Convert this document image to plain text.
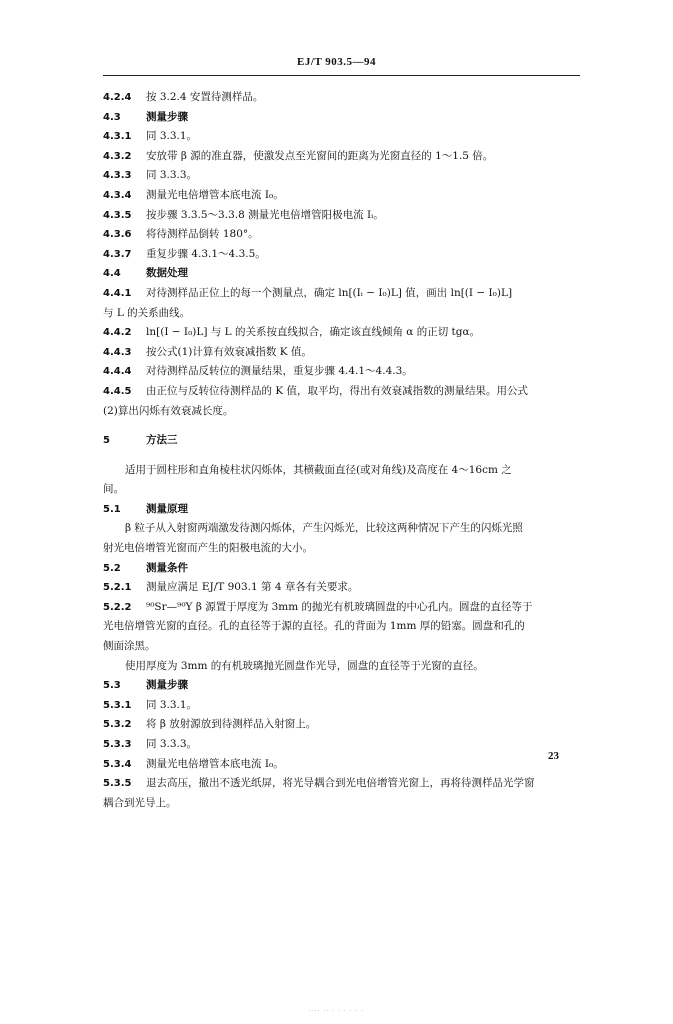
EJ/T 903.5—94
4.2.4 按 3.2.4 安置待测样品。
4.3 测量步骤
4.3.1 同 3.3.1。
4.3.2 安放带 β 源的准直器，使激发点至光窗间的距离为光窗直径的 1～1.5 倍。
4.3.3 同 3.3.3。
4.3.4 测量光电倍增管本底电流 I₀。
4.3.5 按步骤 3.3.5～3.3.8 测量光电倍增管阳极电流 Iᵢ。
4.3.6 将待测样品倒转 180°。
4.3.7 重复步骤 4.3.1～4.3.5。
4.4 数据处理
4.4.1 对待测样品正位上的每一个测量点，确定 ln[(Iᵢ − I₀)L] 值，画出 ln[(I − I₀)L]
与 L 的关系曲线。
4.4.2 ln[(I − I₀)L] 与 L 的关系按直线拟合，确定该直线倾角 α 的正切 tgα。
4.4.3 按公式(1)计算有效衰减指数 K 值。
4.4.4 对待测样品反转位的测量结果，重复步骤 4.4.1～4.4.3。
4.4.5 由正位与反转位待测样品的 K 值，取平均，得出有效衰减指数的测量结果。用公式
(2)算出闪烁有效衰减长度。
5	方法三
适用于圆柱形和直角棱柱状闪烁体，其横截面直径(或对角线)及高度在 4～16cm 之
间。
5.1 测量原理
β 粒子从入射窗两端激发待测闪烁体，产生闪烁光，比较这两种情况下产生的闪烁光照
射光电倍增管光窗而产生的阳极电流的大小。
5.2 测量条件
5.2.1 测量应满足 EJ/T 903.1 第 4 章各有关要求。
5.2.2 ⁹⁰Sr—⁹⁰Y β 源置于厚度为 3mm 的抛光有机玻璃圆盘的中心孔内。圆盘的直径等于
光电倍增管光窗的直径。孔的直径等于源的直径。孔的背面为 1mm 厚的铅塞。圆盘和孔的
侧面涂黑。
使用厚度为 3mm 的有机玻璃抛光圆盘作光导，圆盘的直径等于光窗的直径。
5.3 测量步骤
5.3.1 同 3.3.1。
5.3.2 将 β 放射源放到待测样品入射窗上。
5.3.3 同 3.3.3。
5.3.4 测量光电倍增管本底电流 I₀。
5.3.5 退去高压，撤出不透光纸屏，将光导耦合到光电倍增管光窗上，再将待测样品光学窗
耦合到光导上。
23
···· ·· · · · · · ·
